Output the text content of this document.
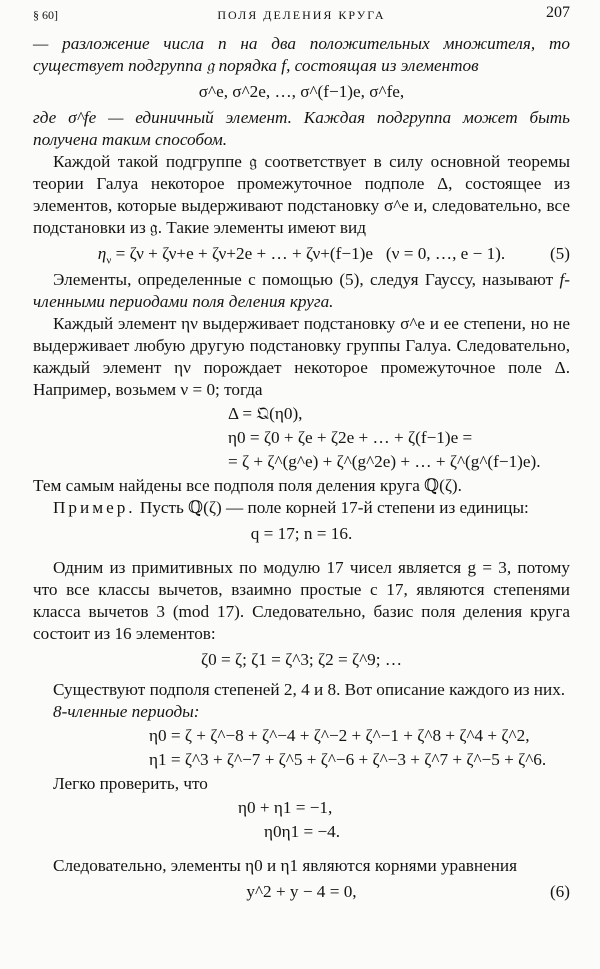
§ 60]	ПОЛЯ ДЕЛЕНИЯ КРУГА	207

— разложение числа n на два положительных множителя, то существует подгруппа 𝔤 порядка f, состоящая из элементов

σ^e, σ^2e, …, σ^(f−1)e, σ^fe,

где σ^fe — единичный элемент. Каждая подгруппа может быть получена таким способом.

Каждой такой подгруппе 𝔤 соответствует в силу основной теоремы теории Галуа некоторое промежуточное подполе Δ, состоящее из элементов, которые выдерживают подстановку σ^e и, следовательно, все подстановки из 𝔤. Такие элементы имеют вид

$\eta_\nu = \zeta\nu + \zeta\nu+e + \zeta\nu+2e$ + … + ζν+(f−1)e (ν = 0, …, e − 1).	(5)

Элементы, определенные с помощью (5), следуя Гауссу, называют f-членными периодами поля деления круга.

Каждый элемент ην выдерживает подстановку σ^e и ее степени, но не выдерживает любую другую подстановку группы Галуа. Следовательно, каждый элемент ην порождает некоторое промежуточное поле Δ. Например, возьмем ν = 0; тогда

Δ = 𝔔(η0),
η0 = ζ0 + ζe + ζ2e + … + ζ(f−1)e =
= ζ + ζ^(g^e) + ζ^(g^2e) + … + ζ^(g^(f−1)e).

Тем самым найдены все подполя поля деления круга ℚ(ζ).

Пример. Пусть ℚ(ζ) — поле корней 17-й степени из единицы:

q = 17; n = 16.

Одним из примитивных по модулю 17 чисел является g = 3, потому что все классы вычетов, взаимно простые с 17, являются степенями класса вычетов 3 (mod 17). Следовательно, базис поля деления круга состоит из 16 элементов:

ζ0 = ζ; ζ1 = ζ^3; ζ2 = ζ^9; …

Существуют подполя степеней 2, 4 и 8. Вот описание каждого из них.

8-членные периоды:

η0 = ζ + ζ^−8 + ζ^−4 + ζ^−2 + ζ^−1 + ζ^8 + ζ^4 + ζ^2,
η1 = ζ^3 + ζ^−7 + ζ^5 + ζ^−6 + ζ^−3 + ζ^7 + ζ^−5 + ζ^6.

Легко проверить, что

η0 + η1 = −1,
η0η1 = −4.

Следовательно, элементы η0 и η1 являются корнями уравнения

y^2 + y − 4 = 0,	(6)
